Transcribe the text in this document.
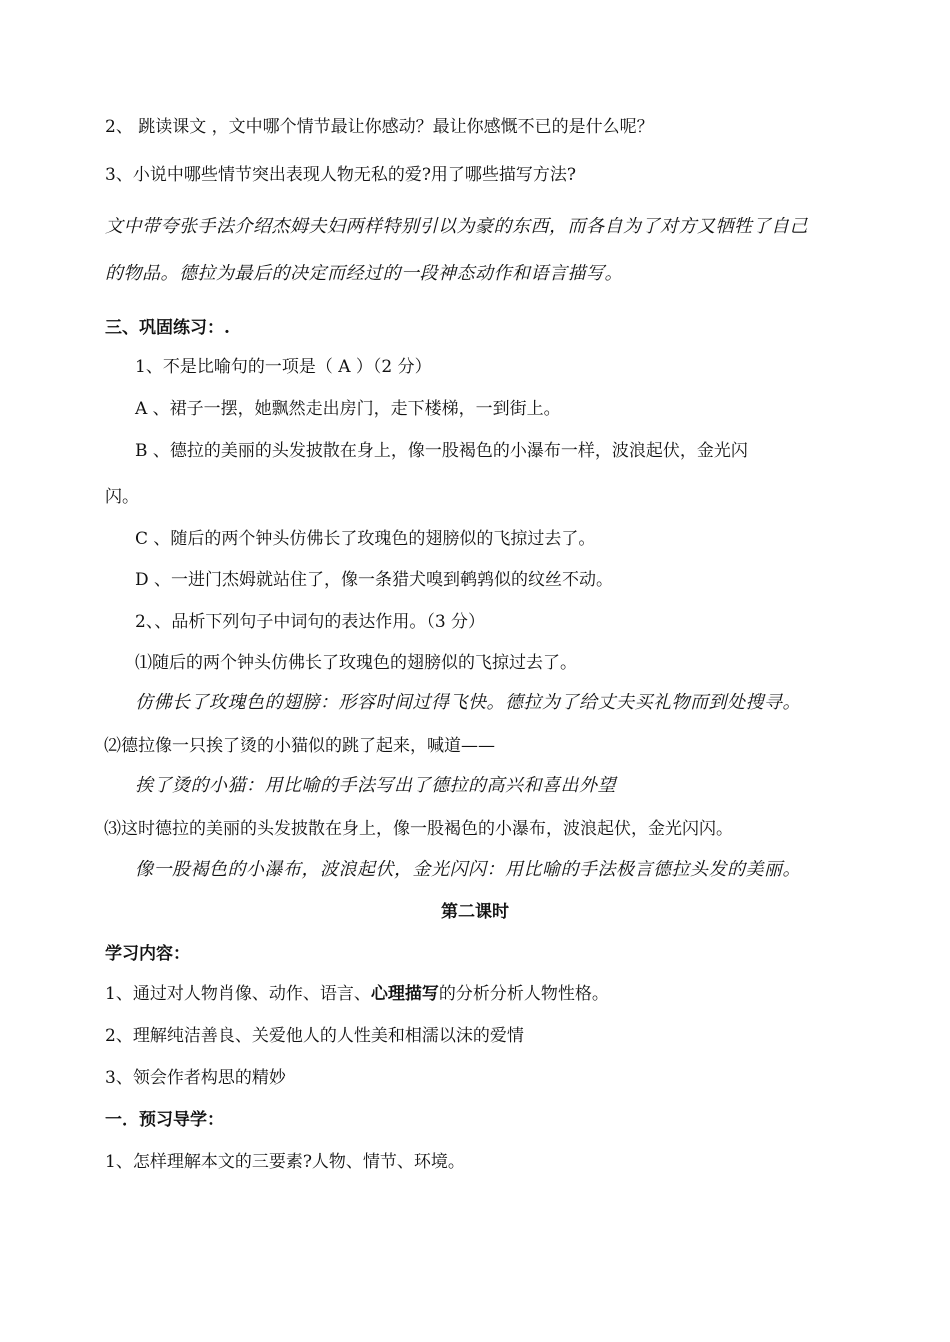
2、 跳读课文 ，文中哪个情节最让你感动？最让你感慨不已的是什么呢？
3、小说中哪些情节突出表现人物无私的爱?用了哪些描写方法?
文中带夸张手法介绍杰姆夫妇两样特别引以为豪的东西，而各自为了对方又牺牲了自己
的物品。德拉为最后的决定而经过的一段神态动作和语言描写。
三、巩固练习：.
1、不是比喻句的一项是（ A ）（2 分）
A 、裙子一摆，她飘然走出房门，走下楼梯，一到街上。
B 、德拉的美丽的头发披散在身上，像一股褐色的小瀑布一样，波浪起伏，金光闪
闪。
C 、随后的两个钟头仿佛长了玫瑰色的翅膀似的飞掠过去了。
D 、一进门杰姆就站住了，像一条猎犬嗅到鹌鹑似的纹丝不动。
2、、品析下列句子中词句的表达作用。（3 分）
⑴随后的两个钟头仿佛长了玫瑰色的翅膀似的飞掠过去了。
仿佛长了玫瑰色的翅膀：形容时间过得飞快。德拉为了给丈夫买礼物而到处搜寻。
⑵德拉像一只挨了烫的小猫似的跳了起来，喊道——
挨了烫的小猫：用比喻的手法写出了德拉的高兴和喜出外望
⑶这时德拉的美丽的头发披散在身上，像一股褐色的小瀑布，波浪起伏，金光闪闪。
像一股褐色的小瀑布，波浪起伏，金光闪闪：用比喻的手法极言德拉头发的美丽。
第二课时
学习内容：
1、通过对人物肖像、动作、语言、心理描写的分析分析人物性格。
2、理解纯洁善良、关爱他人的人性美和相濡以沫的爱情
3、领会作者构思的精妙
一．预习导学：
1、怎样理解本文的三要素?人物、情节、环境。
